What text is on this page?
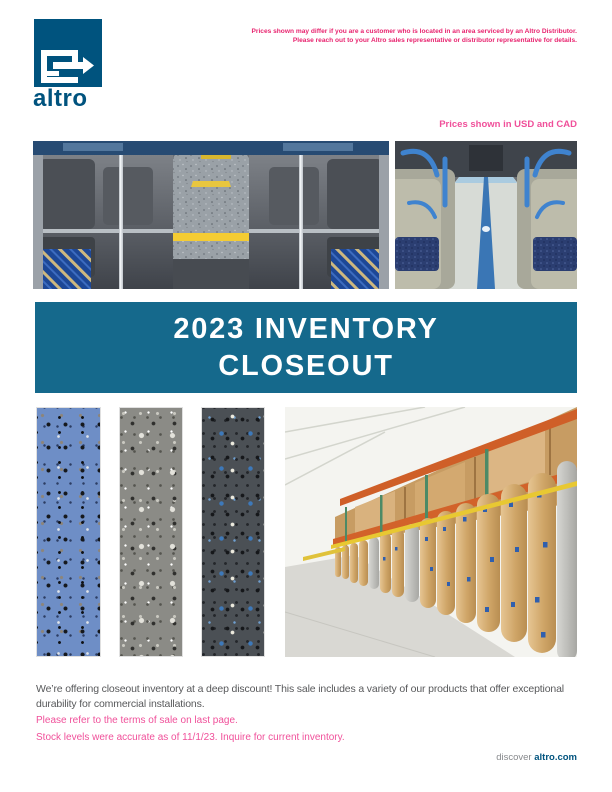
altro
Prices shown may differ if you are a customer who is located in an area serviced by an Altro Distributor.
Please reach out to your Altro sales representative or distributor representative for details.
Prices shown in USD and CAD
2023 INVENTORY
CLOSEOUT

We’re offering closeout inventory at a deep discount! This sale includes a variety of our products that offer exceptional durability for commercial installations.

Please refer to the terms of sale on last page.
Stock levels were accurate as of 11/1/23. Inquire for current inventory.
discover altro.com
